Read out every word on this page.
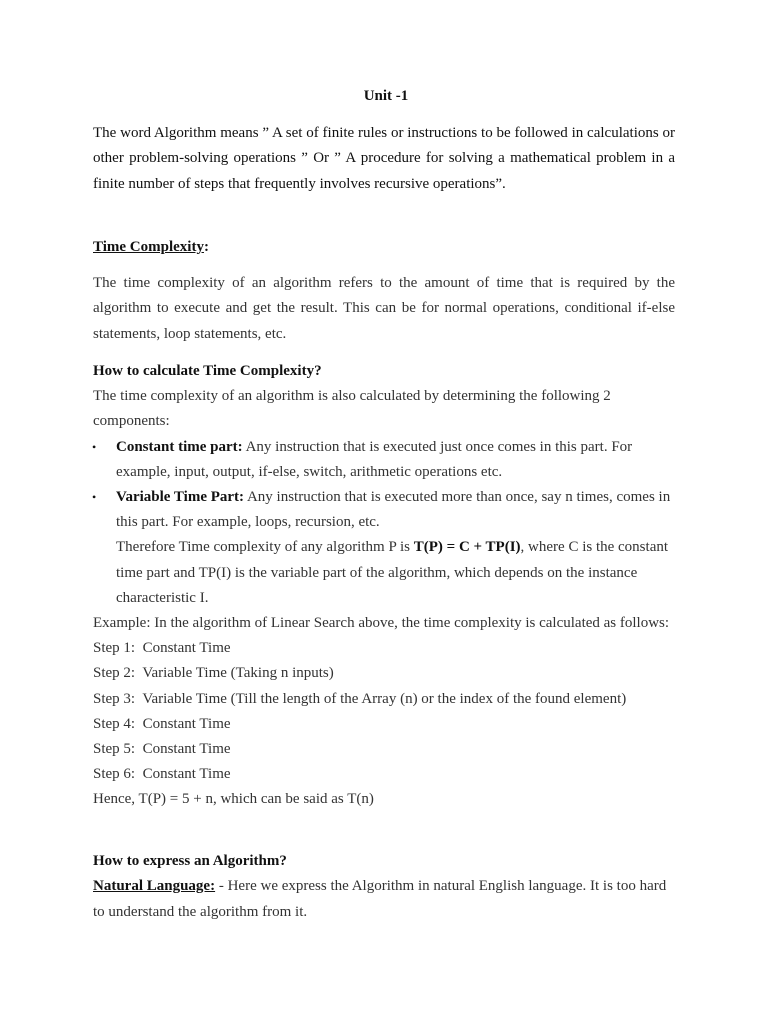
Unit -1

The word Algorithm means ” A set of finite rules or instructions to be followed in calculations or other problem-solving operations ” Or ” A procedure for solving a mathematical problem in a finite number of steps that frequently involves recursive operations”.

Time Complexity:

The time complexity of an algorithm refers to the amount of time that is required by the algorithm to execute and get the result. This can be for normal operations, conditional if-else statements, loop statements, etc.

How to calculate Time Complexity?

The time complexity of an algorithm is also calculated by determining the following 2 components:

• Constant time part: Any instruction that is executed just once comes in this part. For example, input, output, if-else, switch, arithmetic operations etc.
• Variable Time Part: Any instruction that is executed more than once, say n times, comes in this part. For example, loops, recursion, etc.

Therefore Time complexity of any algorithm P is T(P) = C + TP(I), where C is the constant time part and TP(I) is the variable part of the algorithm, which depends on the instance characteristic I.

Example: In the algorithm of Linear Search above, the time complexity is calculated as follows:

Step 1:  Constant Time

Step 2:  Variable Time (Taking n inputs)

Step 3:  Variable Time (Till the length of the Array (n) or the index of the found element)

Step 4:  Constant Time

Step 5:  Constant Time

Step 6:  Constant Time

Hence, T(P) = 5 + n, which can be said as T(n)

How to express an Algorithm?

Natural Language: - Here we express the Algorithm in natural English language. It is too hard to understand the algorithm from it.
